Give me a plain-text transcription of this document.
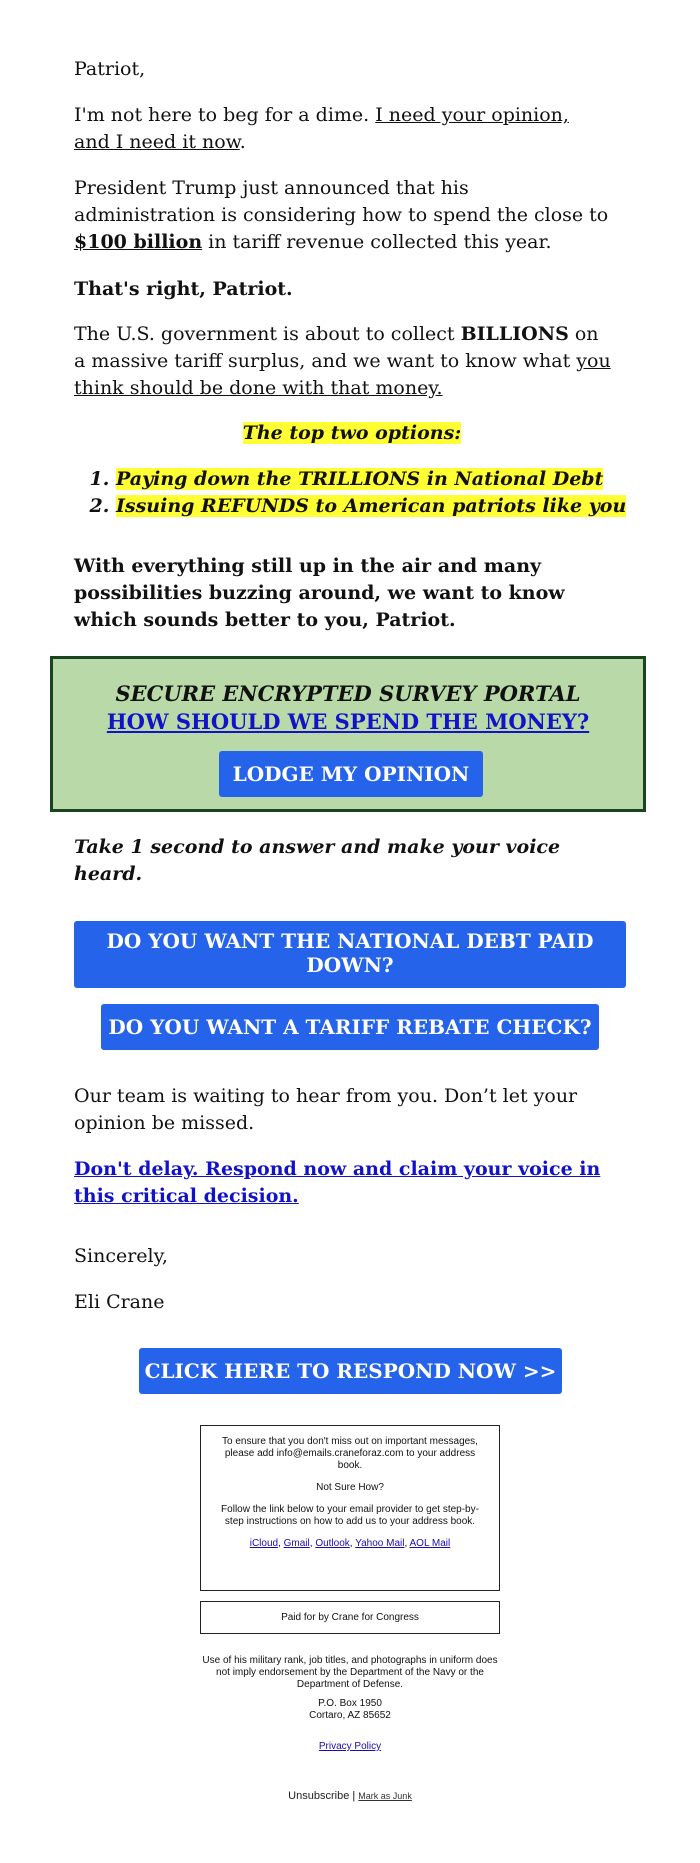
Patriot,

I'm not here to beg for a dime. I need your opinion, and I need it now.

President Trump just announced that his administration is considering how to spend the close to $100 billion in tariff revenue collected this year.

That's right, Patriot.

The U.S. government is about to collect BILLIONS on a massive tariff surplus, and we want to know what you think should be done with that money.

The top two options:
1. Paying down the TRILLIONS in National Debt
2. Issuing REFUNDS to American patriots like you

With everything still up in the air and many possibilities buzzing around, we want to know which sounds better to you, Patriot.

SECURE ENCRYPTED SURVEY PORTAL
HOW SHOULD WE SPEND THE MONEY?
LODGE MY OPINION

Take 1 second to answer and make your voice heard.

DO YOU WANT THE NATIONAL DEBT PAID DOWN?
DO YOU WANT A TARIFF REBATE CHECK?

Our team is waiting to hear from you. Don’t let your opinion be missed.

Don't delay. Respond now and claim your voice in this critical decision.

Sincerely,

Eli Crane

CLICK HERE TO RESPOND NOW >>
To ensure that you don't miss out on important messages, please add info@emails.craneforaz.com to your address book.
Not Sure How?
Follow the link below to your email provider to get step-by-step instructions on how to add us to your address book.
iCloud, Gmail, Outlook, Yahoo Mail, AOL Mail
Paid for by Crane for Congress
Use of his military rank, job titles, and photographs in uniform does not imply endorsement by the Department of the Navy or the Department of Defense.
P.O. Box 1950
Cortaro, AZ 85652
Privacy Policy
Unsubscribe | Mark as Junk
